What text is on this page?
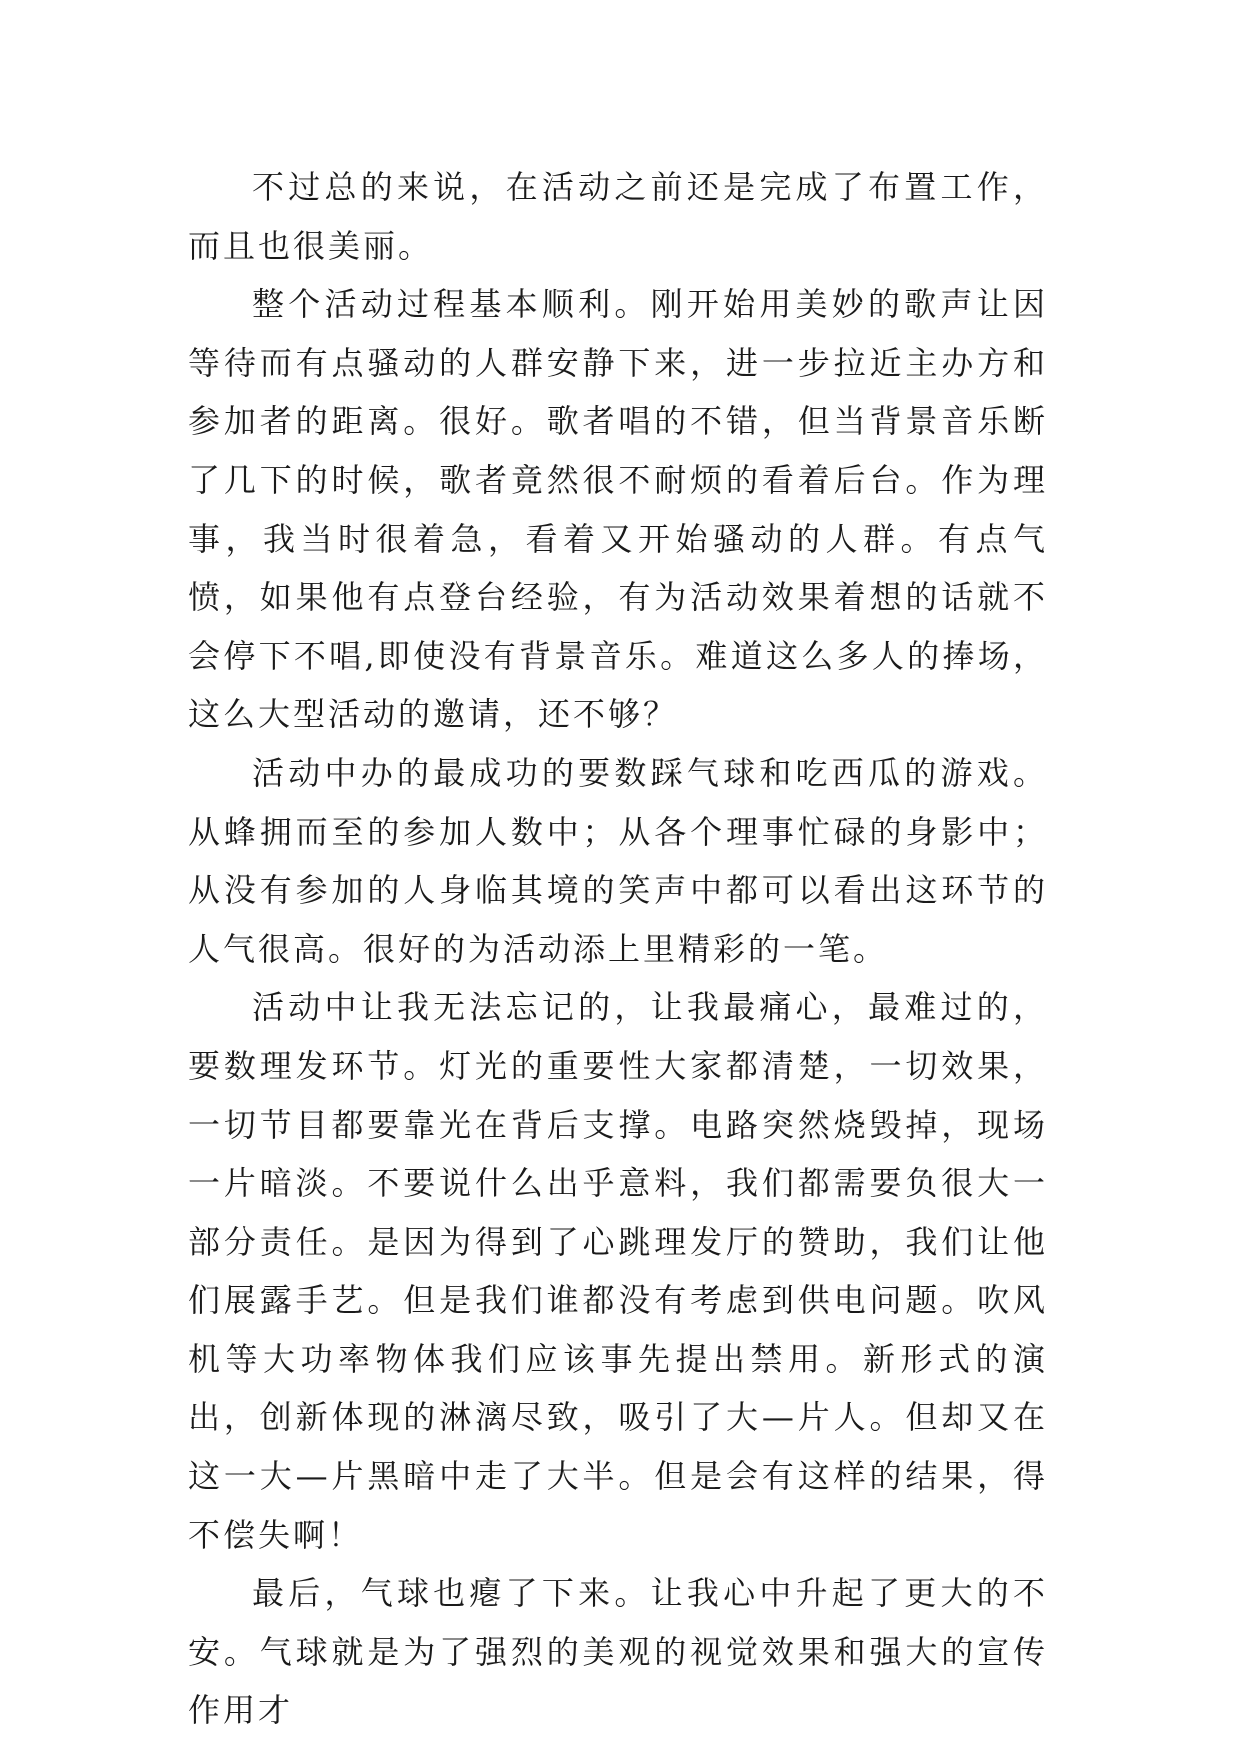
不过总的来说，在活动之前还是完成了布置工作，而且也很美丽。

整个活动过程基本顺利。刚开始用美妙的歌声让因等待而有点骚动的人群安静下来，进一步拉近主办方和参加者的距离。很好。歌者唱的不错，但当背景音乐断了几下的时候，歌者竟然很不耐烦的看着后台。作为理事，我当时很着急，看着又开始骚动的人群。有点气愤，如果他有点登台经验，有为活动效果着想的话就不会停下不唱,即使没有背景音乐。难道这么多人的捧场，这么大型活动的邀请，还不够？

活动中办的最成功的要数踩气球和吃西瓜的游戏。从蜂拥而至的参加人数中；从各个理事忙碌的身影中；从没有参加的人身临其境的笑声中都可以看出这环节的人气很高。很好的为活动添上里精彩的一笔。

活动中让我无法忘记的，让我最痛心，最难过的，要数理发环节。灯光的重要性大家都清楚，一切效果，一切节目都要靠光在背后支撑。电路突然烧毁掉，现场一片暗淡。不要说什么出乎意料，我们都需要负很大一部分责任。是因为得到了心跳理发厅的赞助，我们让他们展露手艺。但是我们谁都没有考虑到供电问题。吹风机等大功率物体我们应该事先提出禁用。新形式的演出，创新体现的淋漓尽致，吸引了大—片人。但却又在这一大—片黑暗中走了大半。但是会有这样的结果，得不偿失啊！

最后，气球也瘪了下来。让我心中升起了更大的不安。气球就是为了强烈的美观的视觉效果和强大的宣传作用才
